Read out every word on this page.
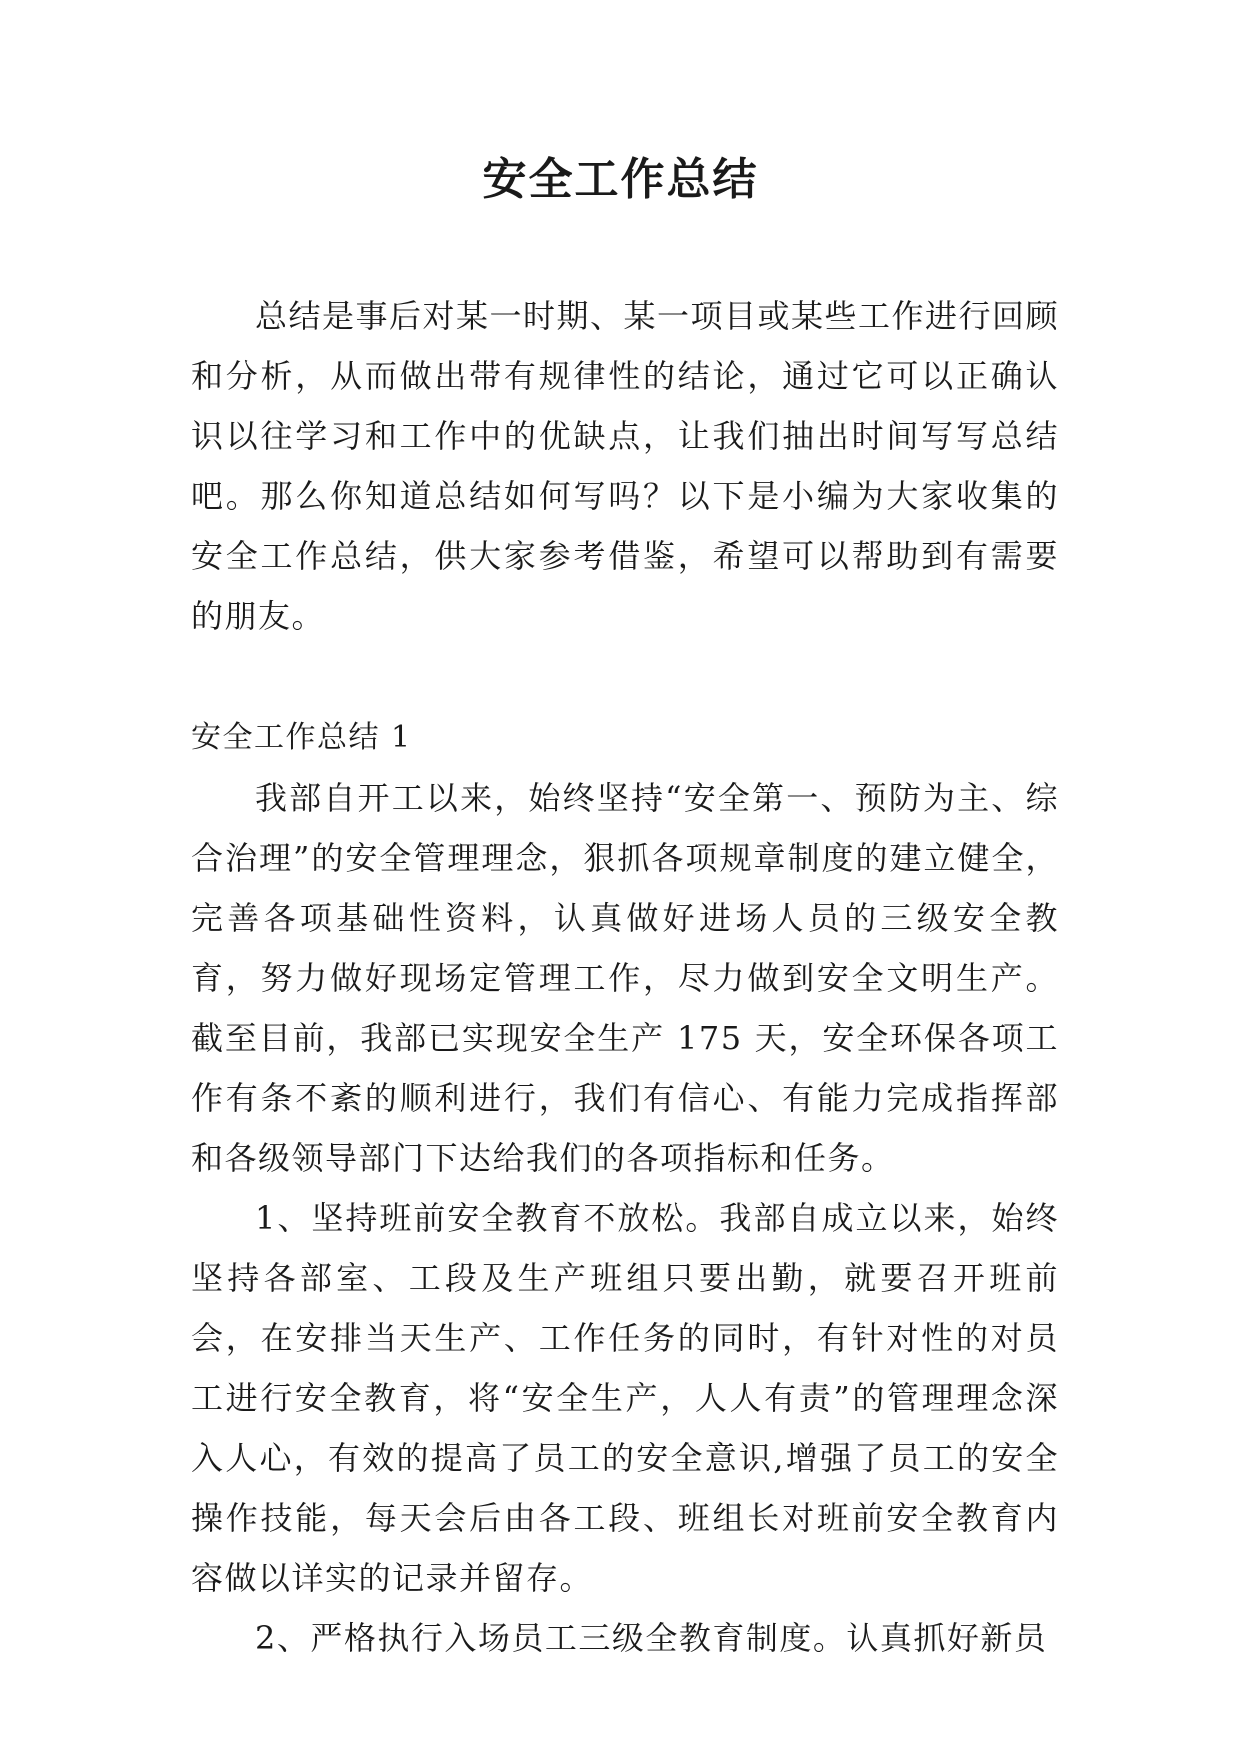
安全工作总结

总结是事后对某一时期、某一项目或某些工作进行回顾和分析，从而做出带有规律性的结论，通过它可以正确认识以往学习和工作中的优缺点，让我们抽出时间写写总结吧。那么你知道总结如何写吗？以下是小编为大家收集的安全工作总结，供大家参考借鉴，希望可以帮助到有需要的朋友。

安全工作总结 1

我部自开工以来，始终坚持“安全第一、预防为主、综合治理”的安全管理理念，狠抓各项规章制度的建立健全，完善各项基础性资料，认真做好进场人员的三级安全教育，努力做好现场定管理工作，尽力做到安全文明生产。截至目前，我部已实现安全生产 175 天，安全环保各项工作有条不紊的顺利进行，我们有信心、有能力完成指挥部和各级领导部门下达给我们的各项指标和任务。

1、坚持班前安全教育不放松。我部自成立以来，始终坚持各部室、工段及生产班组只要出勤，就要召开班前会，在安排当天生产、工作任务的同时，有针对性的对员工进行安全教育，将“安全生产，人人有责”的管理理念深入人心，有效的提高了员工的安全意识,增强了员工的安全操作技能，每天会后由各工段、班组长对班前安全教育内容做以详实的记录并留存。

2、严格执行入场员工三级全教育制度。认真抓好新员
